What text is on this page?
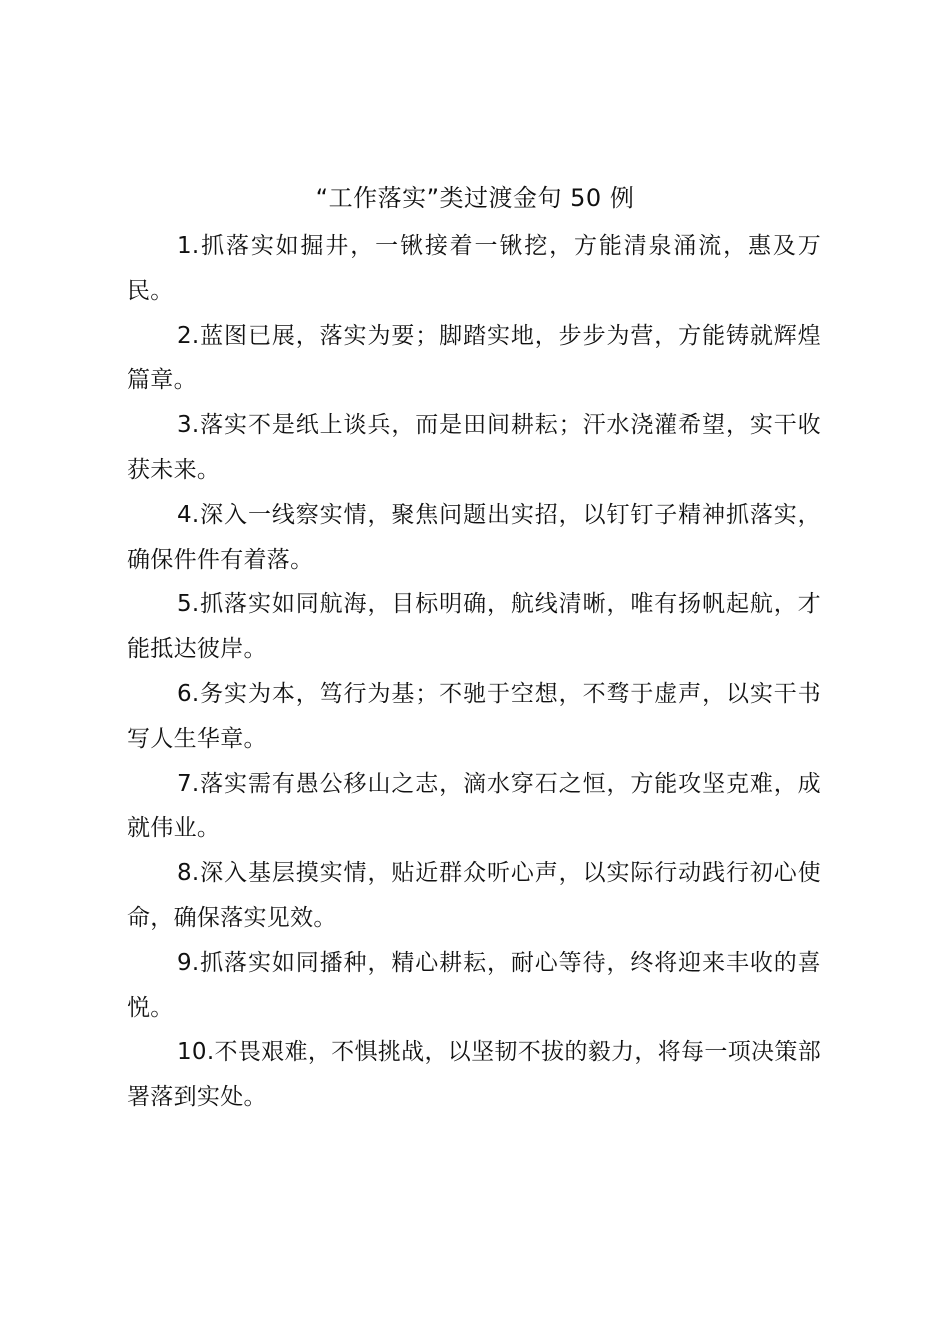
“工作落实”类过渡金句 50 例

1.抓落实如掘井，一锹接着一锹挖，方能清泉涌流，惠及万民。

2.蓝图已展，落实为要；脚踏实地，步步为营，方能铸就辉煌篇章。

3.落实不是纸上谈兵，而是田间耕耘；汗水浇灌希望，实干收获未来。

4.深入一线察实情，聚焦问题出实招，以钉钉子精神抓落实，确保件件有着落。

5.抓落实如同航海，目标明确，航线清晰，唯有扬帆起航，才能抵达彼岸。

6.务实为本，笃行为基；不驰于空想，不骛于虚声，以实干书写人生华章。

7.落实需有愚公移山之志，滴水穿石之恒，方能攻坚克难，成就伟业。

8.深入基层摸实情，贴近群众听心声，以实际行动践行初心使命，确保落实见效。

9.抓落实如同播种，精心耕耘，耐心等待，终将迎来丰收的喜悦。

10.不畏艰难，不惧挑战，以坚韧不拔的毅力，将每一项决策部署落到实处。
